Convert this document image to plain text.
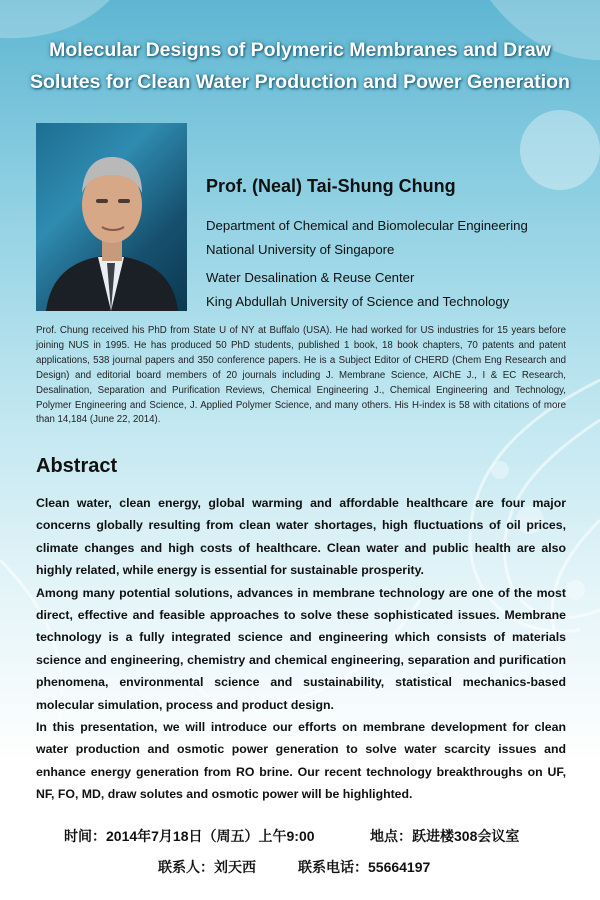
Molecular Designs of Polymeric Membranes and Draw
Solutes for Clean Water Production and Power Generation
Prof. (Neal) Tai-Shung Chung
Department of Chemical and Biomolecular Engineering
National University of Singapore
Water Desalination & Reuse Center
King Abdullah University of Science and Technology
Prof. Chung received his PhD from State U of NY at Buffalo (USA). He had worked for US industries for 15 years before joining NUS in 1995. He has produced 50 PhD students, published 1 book, 18 book chapters, 70 patents and patent applications, 538 journal papers and 350 conference papers. He is a Subject Editor of CHERD (Chem Eng Research and Design) and editorial board members of 20 journals including J. Membrane Science, AIChE J., I & EC Research, Desalination, Separation and Purification Reviews, Chemical Engineering J., Chemical Engineering and Technology, Polymer Engineering and Science, J. Applied Polymer Science, and many others. His H-index is 58 with citations of more than 14,184 (June 22, 2014).
Abstract

Clean water, clean energy, global warming and affordable healthcare are four major concerns globally resulting from clean water shortages, high fluctuations of oil prices, climate changes and high costs of healthcare. Clean water and public health are also highly related, while energy is essential for sustainable prosperity.

Among many potential solutions, advances in membrane technology are one of the most direct, effective and feasible approaches to solve these sophisticated issues. Membrane technology is a fully integrated science and engineering which consists of materials science and engineering, chemistry and chemical engineering, separation and purification phenomena, environmental science and sustainability, statistical mechanics-based molecular simulation, process and product design.

In this presentation, we will introduce our efforts on membrane development for clean water production and osmotic power generation to solve water scarcity issues and enhance energy generation from RO brine. Our recent technology breakthroughs on UF, NF, FO, MD, draw solutes and osmotic power will be highlighted.

时间：2014年7月18日（周五）上午9:00	地点：跃进楼308会议室
联系人：刘天西	联系电话：55664197
